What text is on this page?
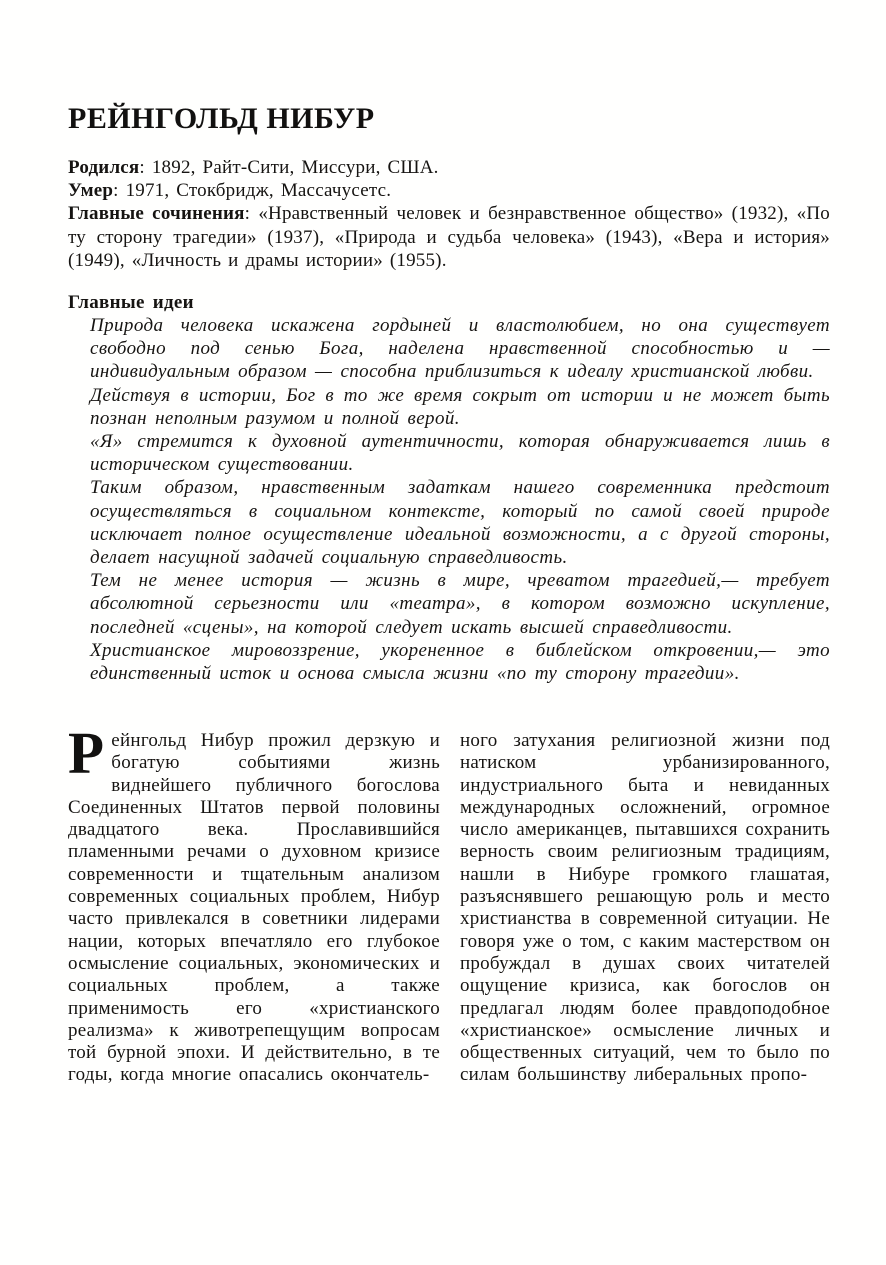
РЕЙНГОЛЬД НИБУР

Родился: 1892, Райт-Сити, Миссури, США.

Умер: 1971, Стокбридж, Массачусетс.

Главные сочинения: «Нравственный человек и безнравственное общество» (1932), «По ту сторону трагедии» (1937), «Природа и судьба человека» (1943), «Вера и история» (1949), «Личность и драмы истории» (1955).

Главные идеи

Природа человека искажена гордыней и властолюбием, но она существует свободно под сенью Бога, наделена нравственной способностью и — индивидуальным образом — способна приблизиться к идеалу христианской любви.

Действуя в истории, Бог в то же время сокрыт от истории и не может быть познан неполным разумом и полной верой.

«Я» стремится к духовной аутентичности, которая обнаруживается лишь в историческом существовании.

Таким образом, нравственным задаткам нашего современника предстоит осуществляться в социальном контексте, который по самой своей природе исключает полное осуществление идеальной возможности, а с другой стороны, делает насущной задачей социальную справедливость.

Тем не менее история — жизнь в мире, чреватом трагедией,— требует абсолютной серьезности или «театра», в котором возможно искупление, последней «сцены», на которой следует искать высшей справедливости.

Христианское мировоззрение, укорененное в библейском откровении,— это единственный исток и основа смысла жизни «по ту сторону трагедии».

Рейнгольд Нибур прожил дерзкую и богатую событиями жизнь виднейшего публичного богослова Соединенных Штатов первой половины двадцатого века. Прославившийся пламенными речами о духовном кризисе современности и тщательным анализом современных социальных проблем, Нибур часто привлекался в советники лидерами нации, которых впечатляло его глубокое осмысление социальных, экономических и социальных проблем, а также применимость его «христианского реализма» к животрепещущим вопросам той бурной эпохи. И действительно, в те годы, когда многие опасались окончатель-
ного затухания религиозной жизни под натиском урбанизированного, индустриального быта и невиданных международных осложнений, огромное число американцев, пытавшихся сохранить верность своим религиозным традициям, нашли в Нибуре громкого глашатая, разъяснявшего решающую роль и место христианства в современной ситуации. Не говоря уже о том, с каким мастерством он пробуждал в душах своих читателей ощущение кризиса, как богослов он предлагал людям более правдоподобное «христианское» осмысление личных и общественных ситуаций, чем то было по силам большинству либеральных пропо-
